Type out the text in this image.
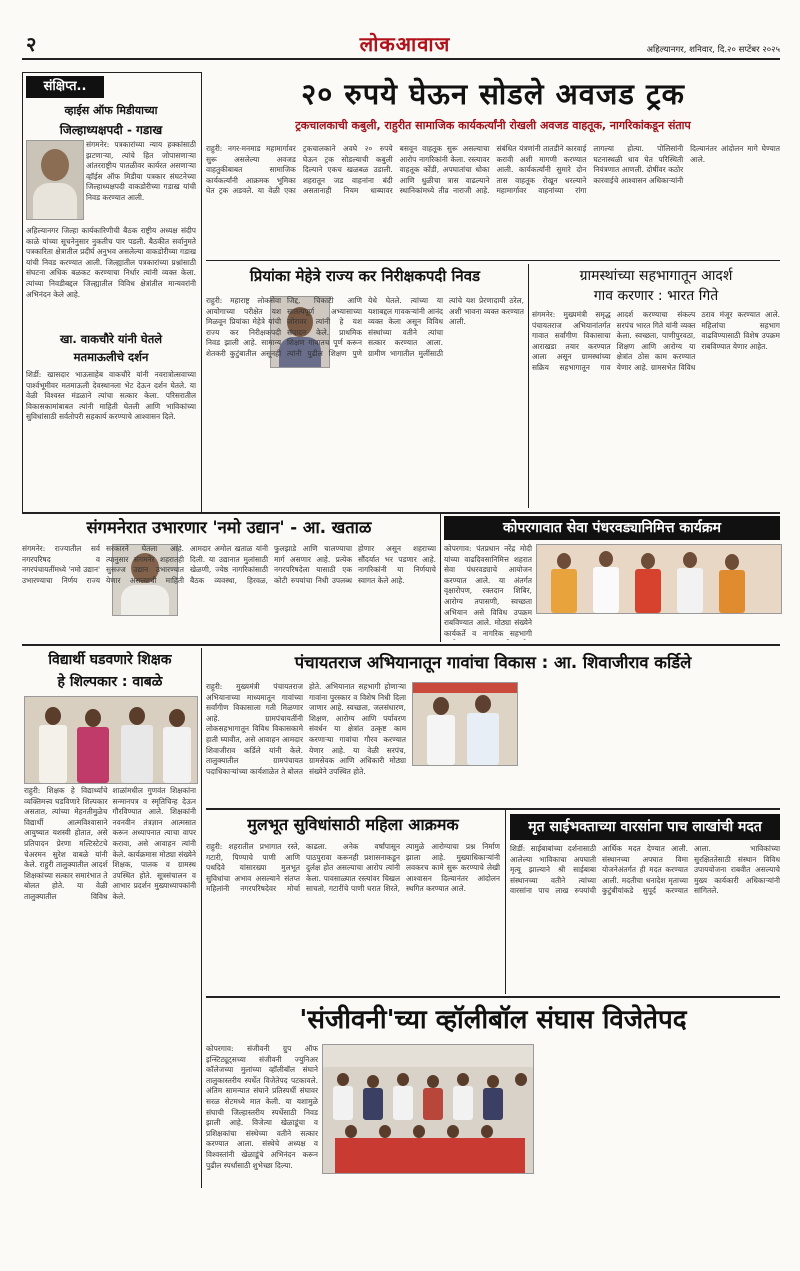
२	लोकआवाज	अहिल्यानगर, शनिवार, दि.२० सप्टेंबर २०२५
संक्षिप्त..
व्हाईस ऑफ मिडीयाच्या
जिल्हाध्यक्षपदी - गडाख
संगमनेर: पत्रकारांच्या न्याय हक्कांसाठी झटणाऱ्या, त्यांचे हित जोपासणाऱ्या आंतरराष्ट्रीय पातळीवर कार्यरत असणाऱ्या व्हॉईस ऑफ मिडीया पत्रकार संघटनेच्या जिल्हाध्यक्षपदी वाकडोरीच्या गडाख यांची निवड करण्यात आली.
अहिल्यानगर जिल्हा कार्यकारिणीची बैठक राष्ट्रीय अध्यक्ष संदीप काळे यांच्या सूचनेनुसार नुकतीच पार पडली. बैठकीत सर्वानुमते पत्रकारिता क्षेत्रातील प्रदीर्घ अनुभव असलेल्या वाकडोरीच्या गडाख यांची निवड करण्यात आली. जिल्ह्यातील पत्रकारांच्या प्रश्नांसाठी संघटना अधिक बळकट करण्याचा निर्धार त्यांनी व्यक्त केला. त्यांच्या निवडीबद्दल जिल्ह्यातील विविध क्षेत्रांतील मान्यवरांनी अभिनंदन केले आहे.
खा. वाकचौरे यांनी घेतले
मतमाऊलीचे दर्शन
शिर्डी: खासदार भाऊसाहेब वाकचौरे यांनी नवरात्रोत्सवाच्या पार्श्वभूमीवर मतमाऊली देवस्थानला भेट देऊन दर्शन घेतले. या वेळी विश्वस्त मंडळाने त्यांचा सत्कार केला. परिसरातील विकासकामांबाबत त्यांनी माहिती घेतली आणि भाविकांच्या सुविधांसाठी सर्वतोपरी सहकार्य करण्याचे आश्वासन दिले.
२० रुपये घेऊन सोडले अवजड ट्रक
ट्रकचालकाची कबुली, राहुरीत सामाजिक कार्यकर्त्यांनी रोखली अवजड वाहतूक, नागरिकांकडून संताप
राहुरी: नगर-मनमाड महामार्गावर सुरू असलेल्या अवजड वाहतुकीबाबत सामाजिक कार्यकर्त्यांनी आक्रमक भूमिका घेत ट्रक अडवले. या वेळी एका ट्रकचालकाने अवघे २० रुपये घेऊन ट्रक सोडल्याची कबुली दिल्याने एकच खळबळ उडाली. शहरातून जड वाहनांना बंदी असतानाही नियम धाब्यावर बसवून वाहतूक सुरू असल्याचा आरोप नागरिकांनी केला. रस्त्यावर वाहतूक कोंडी, अपघातांचा धोका आणि धुळीचा त्रास वाढल्याने स्थानिकांमध्ये तीव्र नाराजी आहे. संबंधित यंत्रणांनी तातडीने कारवाई करावी अशी मागणी करण्यात आली. कार्यकर्त्यांनी सुमारे दोन तास वाहतूक रोखून धरल्याने महामार्गावर वाहनांच्या रांगा लागल्या होत्या. पोलिसांनी घटनास्थळी धाव घेत परिस्थिती नियंत्रणात आणली. दोषींवर कठोर कारवाईचे आश्वासन अधिकाऱ्यांनी दिल्यानंतर आंदोलन मागे घेण्यात आले.
प्रियांका मेहेत्रे राज्य कर निरीक्षकपदी निवड
राहुरी: महाराष्ट्र लोकसेवा आयोगाच्या परीक्षेत यश मिळवून प्रियांका मेहेत्रे यांची राज्य कर निरीक्षकपदी निवड झाली आहे. सामान्य शेतकरी कुटुंबातील असूनही जिद्द, चिकाटी आणि सातत्यपूर्ण अभ्यासाच्या जोरावर त्यांनी हे यश संपादन केले. प्राथमिक शिक्षण गावातच पूर्ण करून त्यांनी पुढील शिक्षण पुणे येथे घेतले. त्यांच्या या यशाबद्दल गावकऱ्यांनी आनंद व्यक्त केला असून विविध संस्थांच्या वतीने त्यांचा सत्कार करण्यात आला. ग्रामीण भागातील मुलींसाठी त्यांचे यश प्रेरणादायी ठरेल, अशी भावना व्यक्त करण्यात आली.
ग्रामस्थांच्या सहभागातून आदर्श
गाव करणार : भारत गिते
संगमनेर: मुख्यमंत्री समृद्ध पंचायतराज अभियानांतर्गत गावात सर्वांगीण विकासाचा आराखडा तयार करण्यात आला असून ग्रामस्थांच्या सक्रिय सहभागातून गाव आदर्श करण्याचा संकल्प सरपंच भारत गिते यांनी व्यक्त केला. स्वच्छता, पाणीपुरवठा, शिक्षण आणि आरोग्य या क्षेत्रांत ठोस काम करण्यात येणार आहे. ग्रामसभेत विविध ठराव मंजूर करण्यात आले. महिलांचा सहभाग वाढविण्यासाठी विशेष उपक्रम राबविण्यात येणार आहेत.
संगमनेरात उभारणार 'नमो उद्यान' - आ. खताळ
संगमनेर: राज्यातील सर्व नगरपरिषद व नगरपंचायतींमध्ये 'नमो उद्यान' उभारण्याचा निर्णय राज्य सरकारने घेतला आहे. त्यानुसार संगमनेर शहरातही सुसज्ज उद्यान उभारण्यात येणार असल्याची माहिती आमदार अमोल खताळ यांनी दिली. या उद्यानात मुलांसाठी खेळणी, ज्येष्ठ नागरिकांसाठी बैठक व्यवस्था, हिरवळ, फुलझाडे आणि चालण्याचा मार्ग असणार आहे. प्रत्येक नगरपरिषदेला यासाठी एक कोटी रुपयांचा निधी उपलब्ध होणार असून शहराच्या सौंदर्यात भर पडणार आहे. नागरिकांनी या निर्णयाचे स्वागत केले आहे.
कोपरगावात सेवा पंधरवड्यानिमित्त कार्यक्रम
कोपरगाव: पंतप्रधान नरेंद्र मोदी यांच्या वाढदिवसानिमित्त शहरात सेवा पंधरवड्याचे आयोजन करण्यात आले. या अंतर्गत वृक्षारोपण, रक्तदान शिबिर, आरोग्य तपासणी, स्वच्छता अभियान असे विविध उपक्रम राबविण्यात आले. मोठ्या संख्येने कार्यकर्ते व नागरिक सहभागी
विद्यार्थी घडवणारे शिक्षक
हे शिल्पकार : वाबळे
राहुरी: शिक्षक हे विद्यार्थ्यांचे व्यक्तिमत्त्व घडविणारे शिल्पकार असतात, त्यांच्या मेहनतीमुळेच विद्यार्थी आत्मविश्वासाने आयुष्यात यशस्वी होतात, असे प्रतिपादन प्रेरणा मल्टिस्टेटचे चेअरमन सुरेश वाबळे यांनी केले. राहुरी तालुक्यातील आदर्श शिक्षकांच्या सत्कार समारंभात ते बोलत होते. या वेळी तालुक्यातील विविध शाळांमधील गुणवंत शिक्षकांना सन्मानपत्र व स्मृतिचिन्ह देऊन गौरविण्यात आले. शिक्षकांनी नवनवीन तंत्रज्ञान आत्मसात करून अध्यापनात त्याचा वापर करावा, असे आवाहन त्यांनी केले. कार्यक्रमास मोठ्या संख्येने शिक्षक, पालक व ग्रामस्थ उपस्थित होते. सूत्रसंचालन व आभार प्रदर्शन मुख्याध्यापकांनी केले.
पंचायतराज अभियानातून गावांचा विकास : आ. शिवाजीराव कर्डिले
राहुरी: मुख्यमंत्री पंचायतराज अभियानाच्या माध्यमातून गावांच्या सर्वांगीण विकासाला गती मिळणार आहे. ग्रामपंचायतींनी लोकसहभागातून विविध विकासकामे हाती घ्यावीत, असे आवाहन आमदार शिवाजीराव कर्डिले यांनी केले. तालुक्यातील ग्रामपंचायत पदाधिकाऱ्यांच्या कार्यशाळेत ते बोलत होते. अभियानात सहभागी होणाऱ्या गावांना पुरस्कार व विशेष निधी दिला जाणार आहे. स्वच्छता, जलसंधारण, शिक्षण, आरोग्य आणि पर्यावरण संवर्धन या क्षेत्रांत उत्कृष्ट काम करणाऱ्या गावांचा गौरव करण्यात येणार आहे. या वेळी सरपंच, ग्रामसेवक आणि अधिकारी मोठ्या संख्येने उपस्थित होते.
मुलभूत सुविधांसाठी महिला आक्रमक
राहुरी: शहरातील प्रभागात रस्ते, गटारी, पिण्याचे पाणी आणि पथदिवे यांसारख्या मुलभूत सुविधांचा अभाव असल्याने संतप्त महिलांनी नगरपरिषदेवर मोर्चा काढला. अनेक वर्षांपासून पाठपुरावा करूनही प्रशासनाकडून दुर्लक्ष होत असल्याचा आरोप त्यांनी केला. पावसाळ्यात रस्त्यांवर चिखल साचतो, गटारींचे पाणी घरात शिरते, त्यामुळे आरोग्याचा प्रश्न निर्माण झाला आहे. मुख्याधिकाऱ्यांनी लवकरच कामे सुरू करण्याचे लेखी आश्वासन दिल्यानंतर आंदोलन स्थगित करण्यात आले.
मृत साईभक्ताच्या वारसांना पाच लाखांची मदत
शिर्डी: साईबाबांच्या दर्शनासाठी आलेल्या भाविकाचा अपघाती मृत्यू झाल्याने श्री साईबाबा संस्थानच्या वतीने त्यांच्या वारसांना पाच लाख रुपयांची आर्थिक मदत देण्यात आली. संस्थानच्या अपघात विमा योजनेअंतर्गत ही मदत करण्यात आली. मदतीचा धनादेश मृताच्या कुटुंबीयांकडे सुपूर्द करण्यात आला. भाविकांच्या सुरक्षिततेसाठी संस्थान विविध उपाययोजना राबवीत असल्याचे मुख्य कार्यकारी अधिकाऱ्यांनी सांगितले.
'संजीवनी'च्या व्हॉलीबॉल संघास विजेतेपद
कोपरगाव: संजीवनी ग्रुप ऑफ इन्स्टिट्यूट्सच्या संजीवनी ज्युनिअर कॉलेजच्या मुलांच्या व्हॉलीबॉल संघाने तालुकास्तरीय स्पर्धेत विजेतेपद पटकावले. अंतिम सामन्यात संघाने प्रतिस्पर्धी संघावर सरळ सेटमध्ये मात केली. या यशामुळे संघाची जिल्हास्तरीय स्पर्धेसाठी निवड झाली आहे. विजेत्या खेळाडूंचा व प्रशिक्षकांचा संस्थेच्या वतीने सत्कार करण्यात आला. संस्थेचे अध्यक्ष व विश्वस्तांनी खेळाडूंचे अभिनंदन करून पुढील स्पर्धांसाठी शुभेच्छा दिल्या.
